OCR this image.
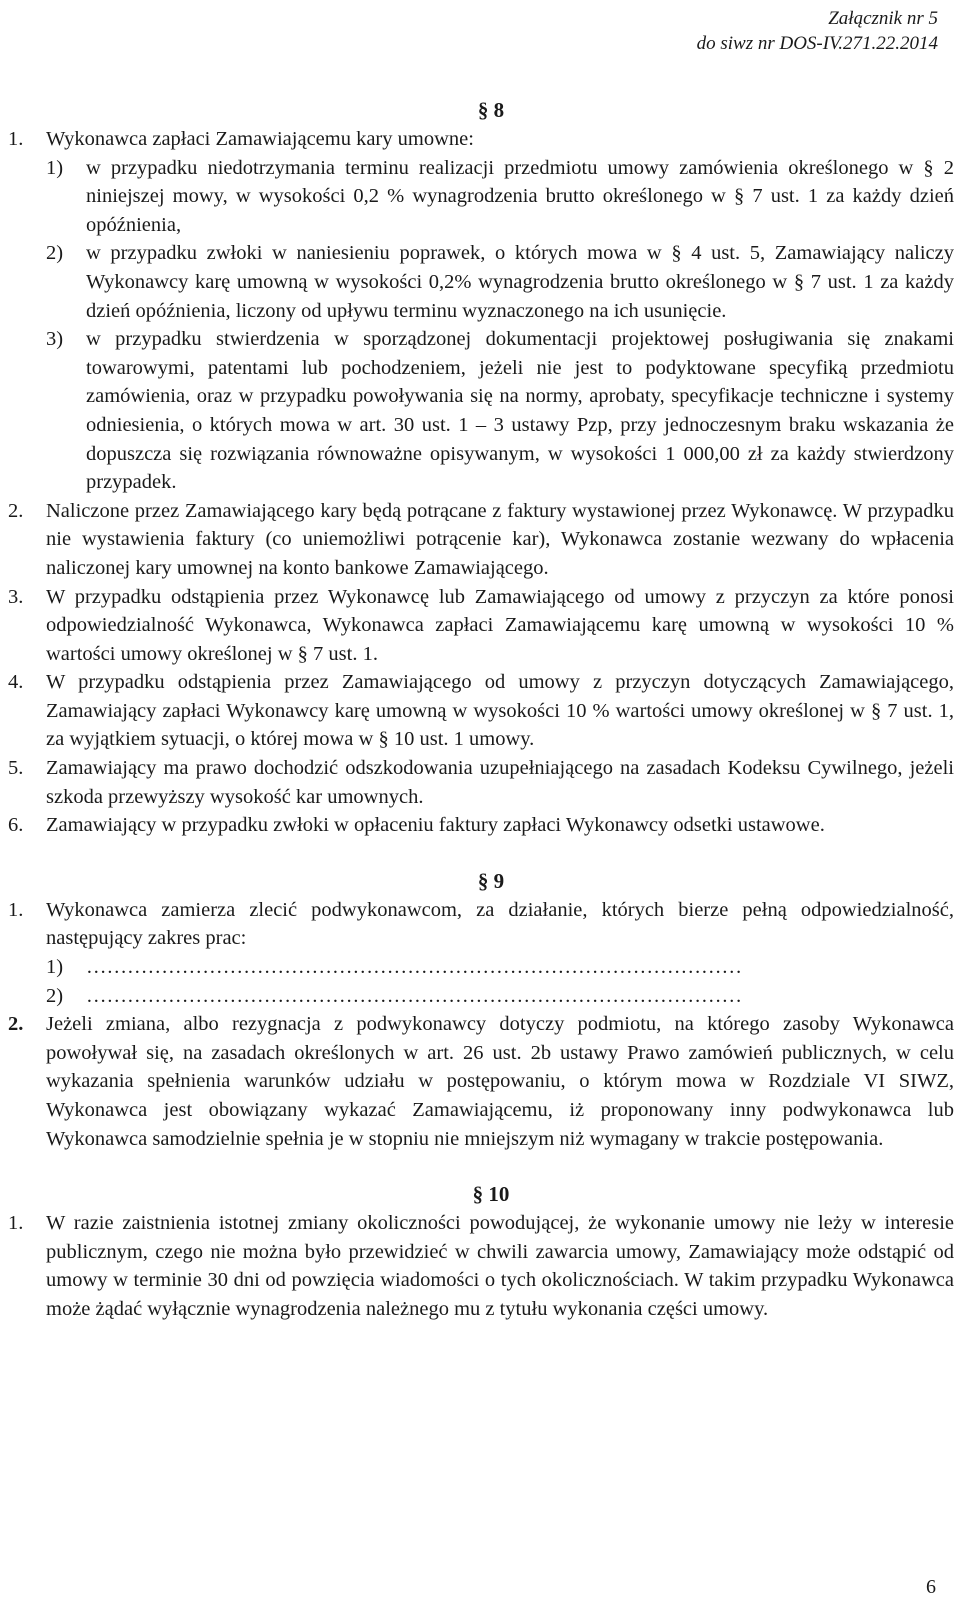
Załącznik nr 5
do siwz nr DOS-IV.271.22.2014
§ 8
1.	Wykonawca zapłaci Zamawiającemu kary umowne:
1)	w przypadku niedotrzymania terminu realizacji przedmiotu umowy zamówienia określonego w § 2 niniejszej mowy, w wysokości 0,2 % wynagrodzenia brutto określonego w § 7 ust. 1 za każdy dzień opóźnienia,
2)	w przypadku zwłoki w naniesieniu poprawek, o których mowa w § 4 ust. 5, Zamawiający naliczy Wykonawcy karę umowną w wysokości 0,2% wynagrodzenia brutto określonego w § 7 ust. 1 za każdy dzień opóźnienia, liczony od upływu terminu wyznaczonego na ich usunięcie.
3)	w przypadku stwierdzenia w sporządzonej dokumentacji projektowej posługiwania się znakami towarowymi, patentami lub pochodzeniem, jeżeli nie jest to podyktowane specyfiką przedmiotu zamówienia, oraz w przypadku powoływania się na normy, aprobaty, specyfikacje techniczne i systemy odniesienia, o których mowa w art. 30 ust. 1 – 3 ustawy Pzp, przy jednoczesnym braku wskazania że dopuszcza się rozwiązania równoważne opisywanym, w wysokości 1 000,00 zł za każdy stwierdzony przypadek.
2.	Naliczone przez Zamawiającego kary będą potrącane z faktury wystawionej przez Wykonawcę. W przypadku nie wystawienia faktury (co uniemożliwi potrącenie kar), Wykonawca zostanie wezwany do wpłacenia naliczonej kary umownej na konto bankowe Zamawiającego.
3.	W przypadku odstąpienia przez Wykonawcę lub Zamawiającego od umowy z przyczyn za które ponosi odpowiedzialność Wykonawca, Wykonawca zapłaci Zamawiającemu karę umowną w wysokości 10 % wartości umowy określonej w § 7 ust. 1.
4.	W przypadku odstąpienia przez Zamawiającego od umowy z przyczyn dotyczących Zamawiającego, Zamawiający zapłaci Wykonawcy karę umowną w wysokości 10 % wartości umowy określonej w § 7 ust. 1, za wyjątkiem sytuacji, o której mowa w § 10 ust. 1 umowy.
5.	Zamawiający ma prawo dochodzić odszkodowania uzupełniającego na zasadach Kodeksu Cywilnego, jeżeli szkoda przewyższy wysokość kar umownych.
6.	Zamawiający w przypadku zwłoki w opłaceniu faktury zapłaci Wykonawcy odsetki ustawowe.
§ 9
1.	Wykonawca zamierza zlecić podwykonawcom, za działanie, których bierze pełną odpowiedzialność, następujący zakres prac:
1)	……………………………………………………………………………………
2)	……………………………………………………………………………………
2.	Jeżeli zmiana, albo rezygnacja z podwykonawcy dotyczy podmiotu, na którego zasoby Wykonawca powoływał się, na zasadach określonych w art. 26 ust. 2b ustawy Prawo zamówień publicznych, w celu wykazania spełnienia warunków udziału w postępowaniu, o którym mowa w Rozdziale VI SIWZ, Wykonawca jest obowiązany wykazać Zamawiającemu, iż proponowany inny podwykonawca lub Wykonawca samodzielnie spełnia je w stopniu nie mniejszym niż wymagany w trakcie postępowania.
§ 10
1.	W razie zaistnienia istotnej zmiany okoliczności powodującej, że wykonanie umowy nie leży w interesie publicznym, czego nie można było przewidzieć w chwili zawarcia umowy, Zamawiający może odstąpić od umowy w terminie 30 dni od powzięcia wiadomości o tych okolicznościach. W takim przypadku Wykonawca może żądać wyłącznie wynagrodzenia należnego mu z tytułu wykonania części umowy.
6
